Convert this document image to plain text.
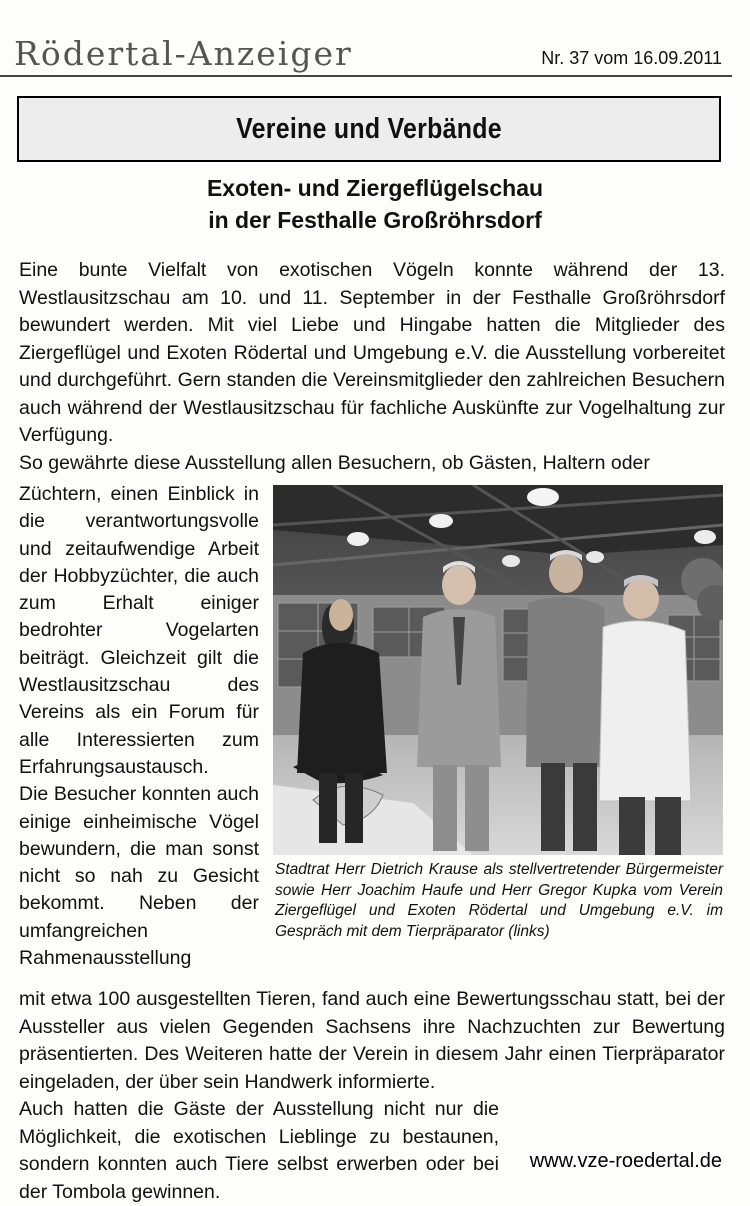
Rödertal-Anzeiger	Nr. 37 vom 16.09.2011
Vereine und Verbände
Exoten- und Ziergeflügelschau
in der Festhalle Großröhrsdorf

Eine bunte Vielfalt von exotischen Vögeln konnte während der 13. Westlausitzschau am 10. und 11. September in der Festhalle Großröhrsdorf bewundert werden. Mit viel Liebe und Hingabe hatten die Mitglieder des Ziergeflügel und Exoten Rödertal und Umgebung e.V. die Ausstellung vorbereitet und durchgeführt. Gern standen die Vereinsmitglieder den zahlreichen Besuchern auch während der Westlausitzschau für fachliche Auskünfte zur Vogelhaltung zur Verfügung.

So gewährte diese Ausstellung allen Besuchern, ob Gästen, Haltern oder

Züchtern, einen Einblick in die verantwortungsvolle und zeitaufwendige Arbeit der Hobbyzüchter, die auch zum Erhalt einiger bedrohter Vogelarten beiträgt. Gleichzeit gilt die Westlausitzschau des Vereins als ein Forum für alle Interessierten zum Erfahrungsaustausch.

Die Besucher konnten auch einige einheimische Vögel bewundern, die man sonst nicht so nah zu Gesicht bekommt. Neben der umfangreichen Rahmenausstellung

Stadtrat Herr Dietrich Krause als stellvertretender Bürgermeister sowie Herr Joachim Haufe und Herr Gregor Kupka vom Verein Ziergeflügel und Exoten Rödertal und Umgebung e.V. im Gespräch mit dem Tierpräparator (links)

mit etwa 100 ausgestellten Tieren, fand auch eine Bewertungsschau statt, bei der Aussteller aus vielen Gegenden Sachsens ihre Nachzuchten zur Bewertung präsentierten. Des Weiteren hatte der Verein in diesem Jahr einen Tierpräparator eingeladen, der über sein Handwerk informierte.

Auch hatten die Gäste der Ausstellung nicht nur die Möglichkeit, die exotischen Lieblinge zu bestaunen, sondern konnten auch Tiere selbst erwerben oder bei der Tombola gewinnen.

www.vze-roedertal.de
